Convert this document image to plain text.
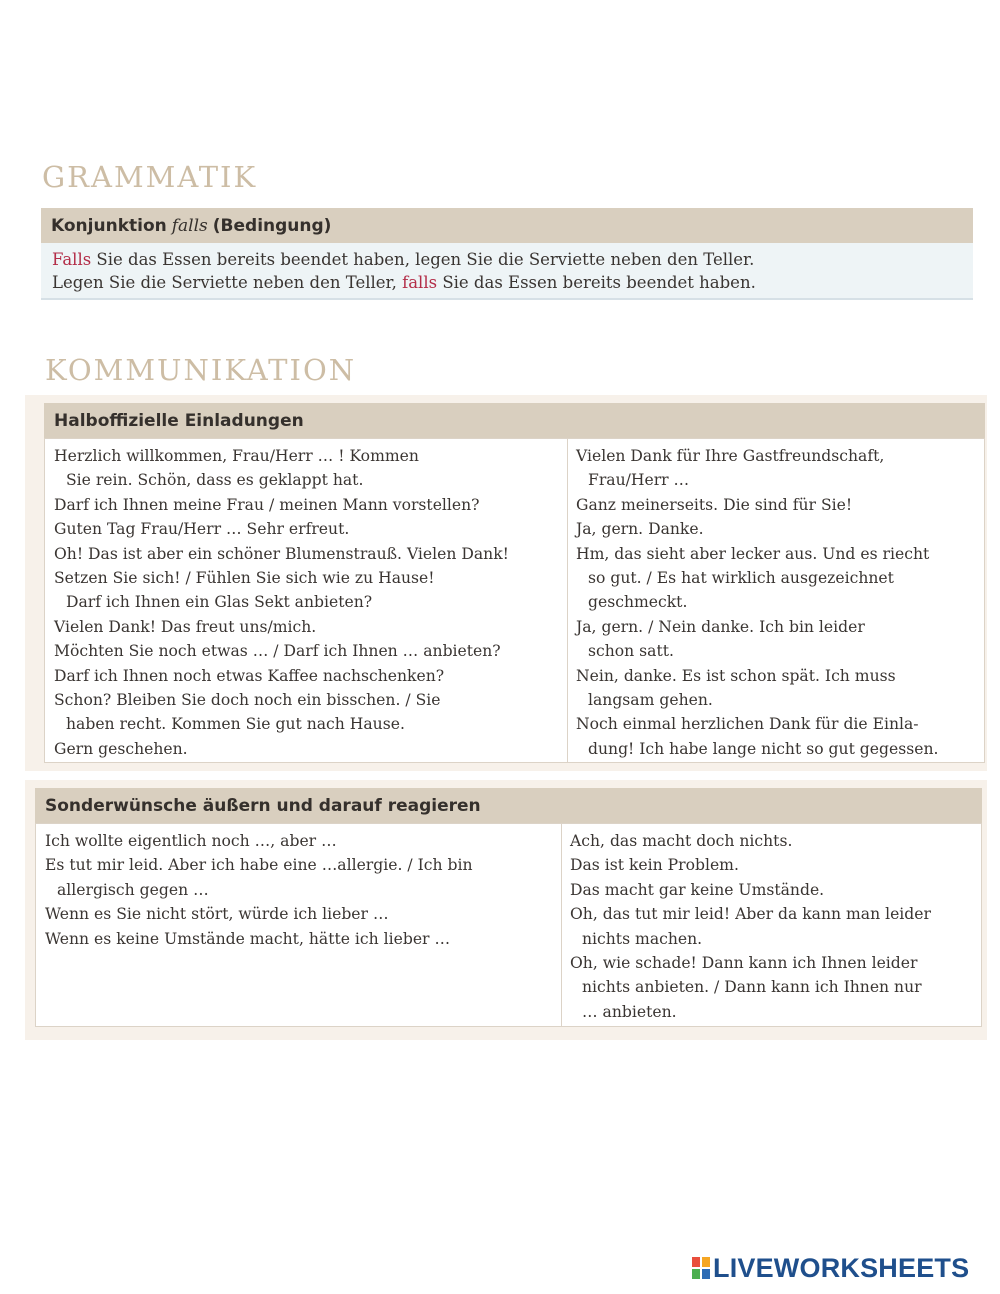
GRAMMATIK
Konjunktion falls (Bedingung)
Falls Sie das Essen bereits beendet haben, legen Sie die Serviette neben den Teller.
Legen Sie die Serviette neben den Teller, falls Sie das Essen bereits beendet haben.
KOMMUNIKATION
Halboffizielle Einladungen
Herzlich willkommen, Frau/Herr … ! Kommen
Sie rein. Schön, dass es geklappt hat.
Darf ich Ihnen meine Frau / meinen Mann vorstellen?
Guten Tag Frau/Herr … Sehr erfreut.
Oh! Das ist aber ein schöner Blumenstrauß. Vielen Dank!
Setzen Sie sich! / Fühlen Sie sich wie zu Hause!
Darf ich Ihnen ein Glas Sekt anbieten?
Vielen Dank! Das freut uns/mich.
Möchten Sie noch etwas … / Darf ich Ihnen … anbieten?
Darf ich Ihnen noch etwas Kaffee nachschenken?
Schon? Bleiben Sie doch noch ein bisschen. / Sie
haben recht. Kommen Sie gut nach Hause.
Gern geschehen.
Vielen Dank für Ihre Gastfreundschaft,
Frau/Herr …
Ganz meinerseits. Die sind für Sie!
Ja, gern. Danke.
Hm, das sieht aber lecker aus. Und es riecht
so gut. / Es hat wirklich ausgezeichnet
geschmeckt.
Ja, gern. / Nein danke. Ich bin leider
schon satt.
Nein, danke. Es ist schon spät. Ich muss
langsam gehen.
Noch einmal herzlichen Dank für die Einla-
dung! Ich habe lange nicht so gut gegessen.
Sonderwünsche äußern und darauf reagieren
Ich wollte eigentlich noch …, aber …
Es tut mir leid. Aber ich habe eine …allergie. / Ich bin
allergisch gegen …
Wenn es Sie nicht stört, würde ich lieber …
Wenn es keine Umstände macht, hätte ich lieber …
Ach, das macht doch nichts.
Das ist kein Problem.
Das macht gar keine Umstände.
Oh, das tut mir leid! Aber da kann man leider
nichts machen.
Oh, wie schade! Dann kann ich Ihnen leider
nichts anbieten. / Dann kann ich Ihnen nur
… anbieten.
LIVEWORKSHEETS
